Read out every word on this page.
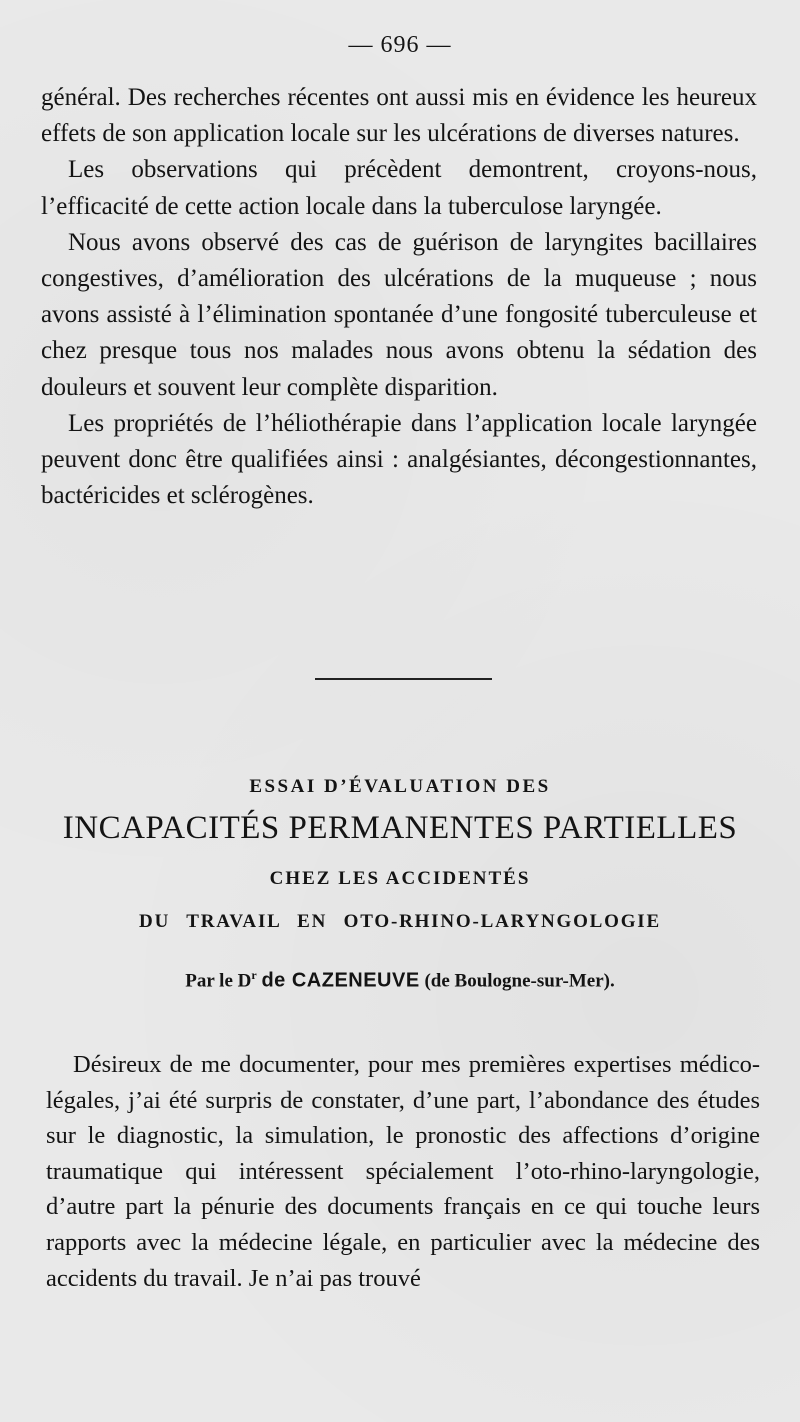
— 696 —

général. Des recherches récentes ont aussi mis en évidence les heureux effets de son application locale sur les ulcérations de diverses natures.

Les observations qui précèdent demontrent, croyons-nous, l’efficacité de cette action locale dans la tuberculose laryngée.

Nous avons observé des cas de guérison de laryngites bacillaires congestives, d’amélioration des ulcérations de la muqueuse ; nous avons assisté à l’élimination spontanée d’une fongosité tuberculeuse et chez presque tous nos malades nous avons obtenu la sédation des douleurs et souvent leur complète disparition.

Les propriétés de l’héliothérapie dans l’application locale laryngée peuvent donc être qualifiées ainsi : analgésiantes, décongestionnantes, bactéricides et sclérogènes.

ESSAI D’ÉVALUATION DES
INCAPACITÉS PERMANENTES PARTIELLES
CHEZ LES ACCIDENTÉS
DU TRAVAIL EN OTO-RHINO-LARYNGOLOGIE
Par le $D^r$ de CAZENEUVE (de Boulogne-sur-Mer).

Désireux de me documenter, pour mes premières expertises médico-légales, j’ai été surpris de constater, d’une part, l’abondance des études sur le diagnostic, la simulation, le pronostic des affections d’origine traumatique qui intéressent spécialement l’oto-rhino-laryngologie, d’autre part la pénurie des documents français en ce qui touche leurs rapports avec la médecine légale, en particulier avec la médecine des accidents du travail. Je n’ai pas trouvé
